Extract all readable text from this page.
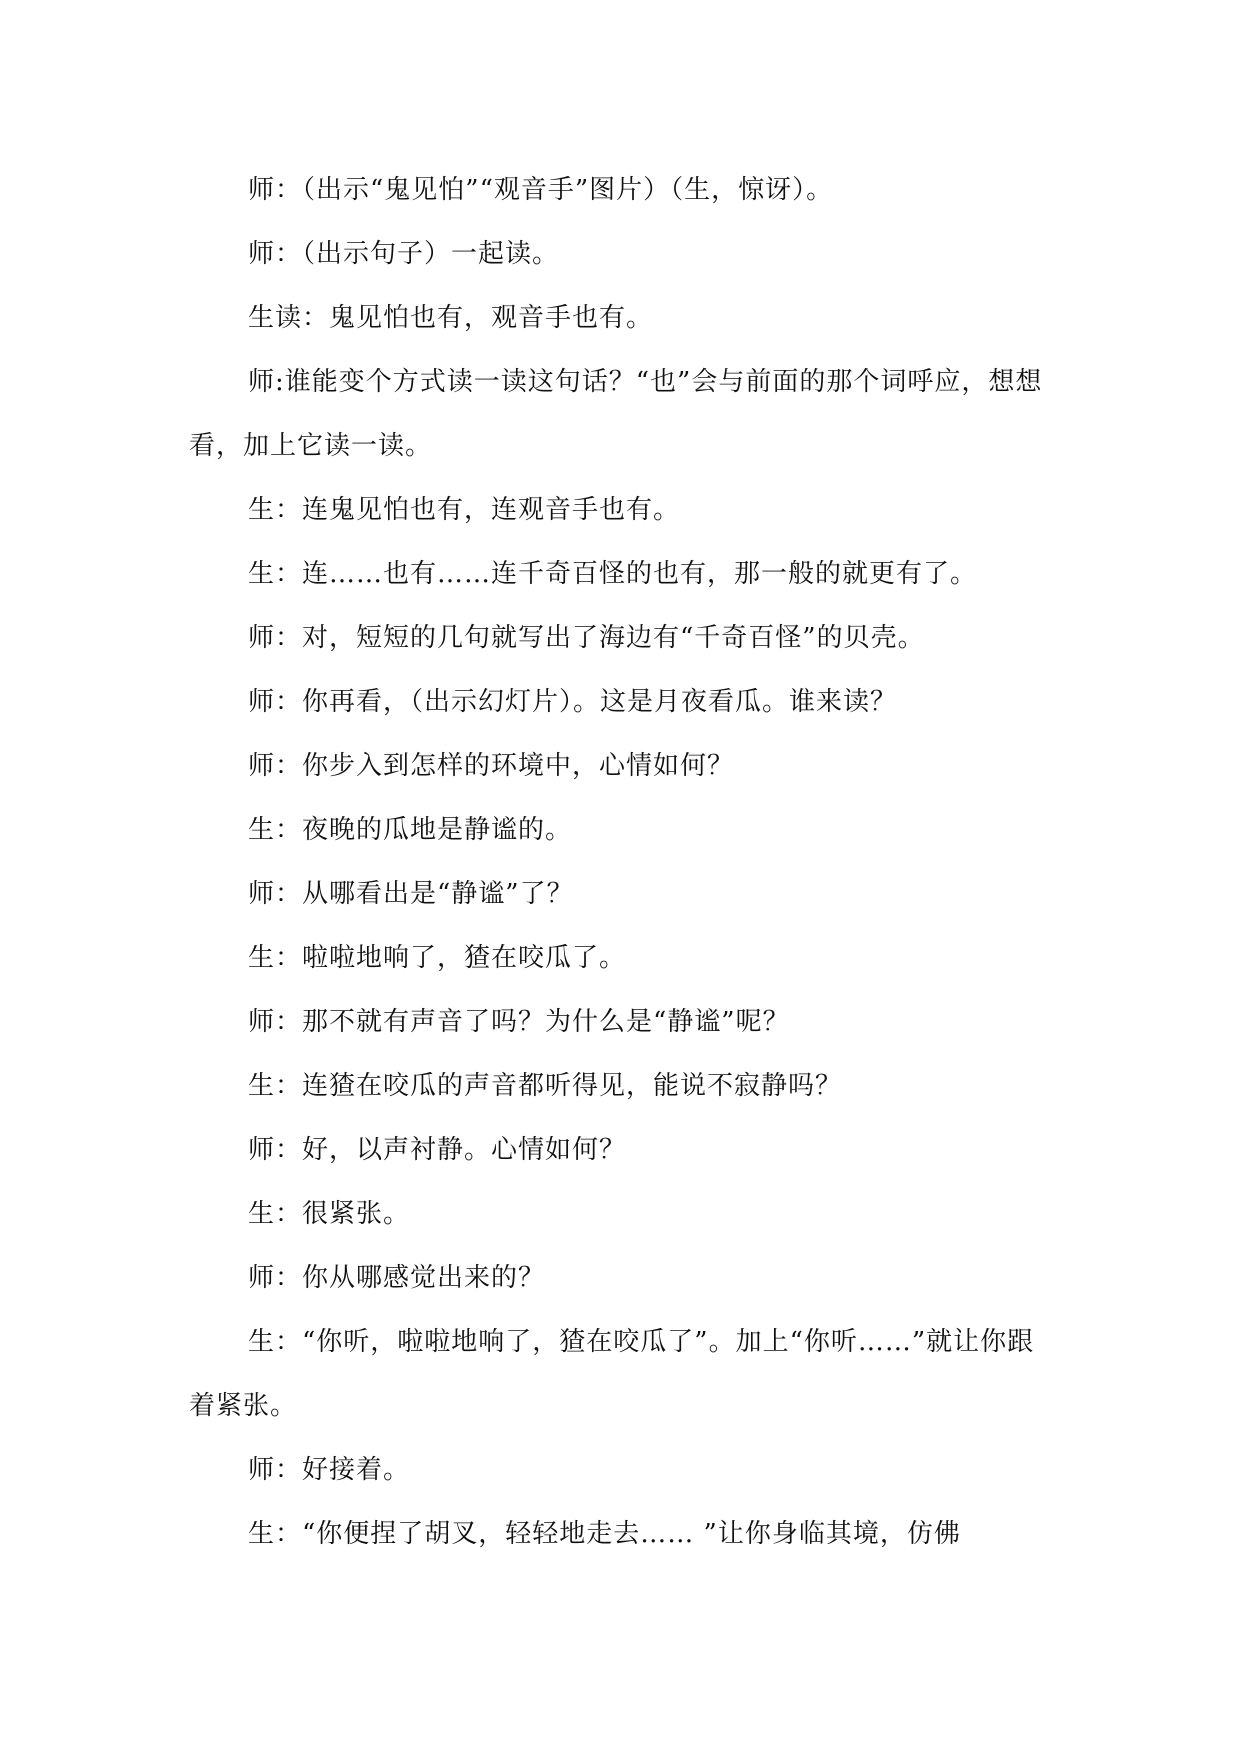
师：（出示“鬼见怕”“观音手”图片）（生，惊讶）。

师：（出示句子）一起读。

生读：鬼见怕也有，观音手也有。

师:谁能变个方式读一读这句话？“也”会与前面的那个词呼应，想想看，加上它读一读。

生：连鬼见怕也有，连观音手也有。

生：连……也有……连千奇百怪的也有，那一般的就更有了。

师：对，短短的几句就写出了海边有“千奇百怪”的贝壳。

师：你再看，（出示幻灯片）。这是月夜看瓜。谁来读？

师：你步入到怎样的环境中，心情如何？

生：夜晚的瓜地是静谧的。

师：从哪看出是“静谧”了？

生：啦啦地响了，猹在咬瓜了。

师：那不就有声音了吗？为什么是“静谧”呢？

生：连猹在咬瓜的声音都听得见，能说不寂静吗？

师：好，以声衬静。心情如何？

生：很紧张。

师：你从哪感觉出来的？

生：“你听，啦啦地响了，猹在咬瓜了”。加上“你听……”就让你跟着紧张。

师：好接着。

生：“你便捏了胡叉，轻轻地走去…… ”让你身临其境，仿佛
